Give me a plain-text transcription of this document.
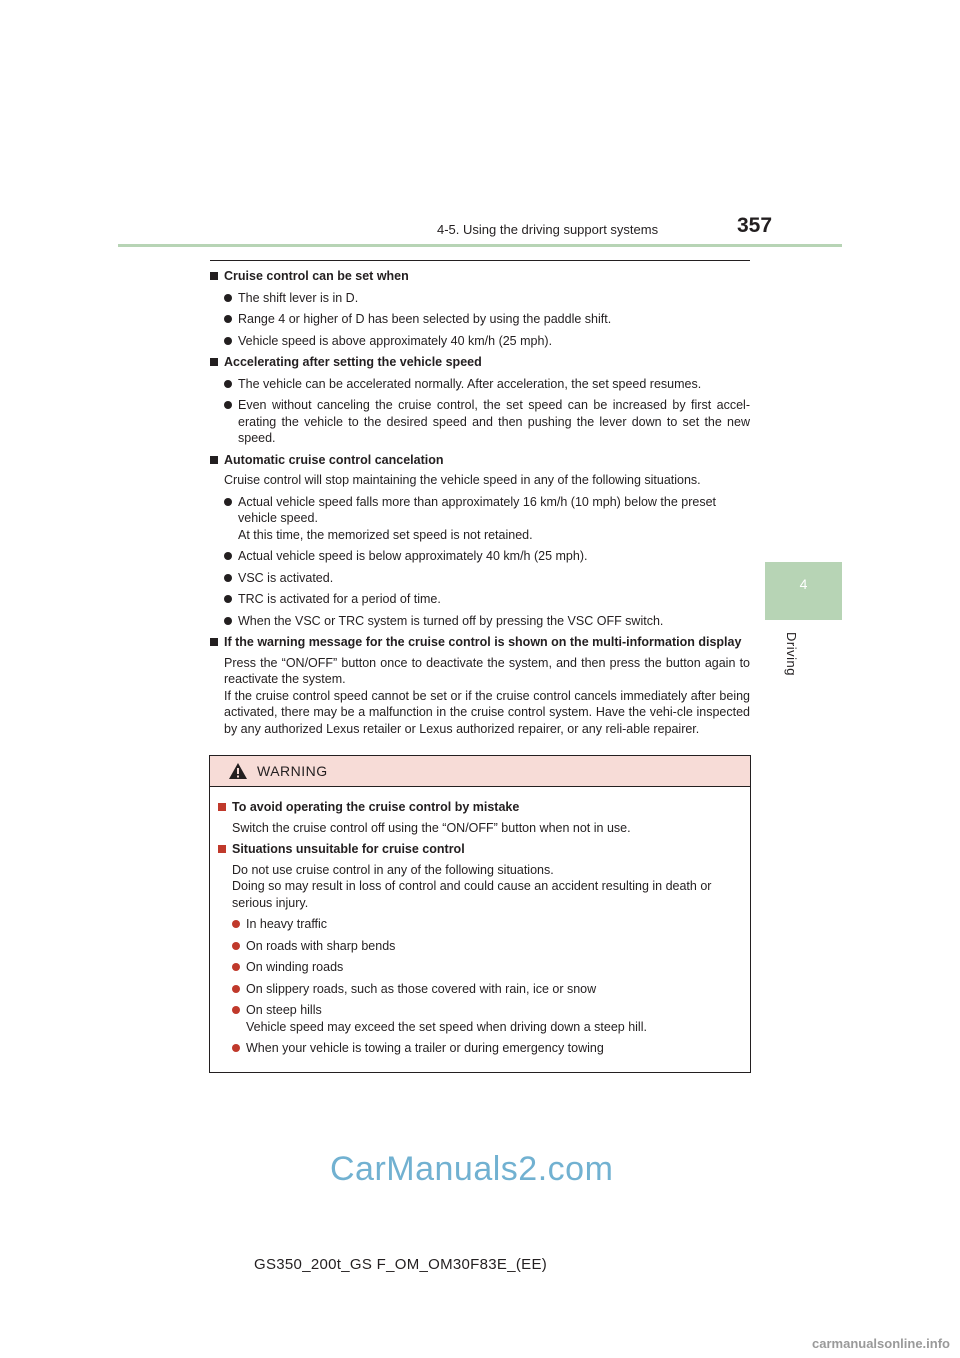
4-5. Using the driving support systems	357
4
Driving
Cruise control can be set when
The shift lever is in D.
Range 4 or higher of D has been selected by using the paddle shift.
Vehicle speed is above approximately 40 km/h (25 mph).
Accelerating after setting the vehicle speed
The vehicle can be accelerated normally. After acceleration, the set speed resumes.
Even without canceling the cruise control, the set speed can be increased by first accel-erating the vehicle to the desired speed and then pushing the lever down to set the new speed.
Automatic cruise control cancelation
Cruise control will stop maintaining the vehicle speed in any of the following situations.
Actual vehicle speed falls more than approximately 16 km/h (10 mph) below the preset vehicle speed.
At this time, the memorized set speed is not retained.
Actual vehicle speed is below approximately 40 km/h (25 mph).
VSC is activated.
TRC is activated for a period of time.
When the VSC or TRC system is turned off by pressing the VSC OFF switch.
If the warning message for the cruise control is shown on the multi-information display
Press the “ON/OFF” button once to deactivate the system, and then press the button again to reactivate the system.
If the cruise control speed cannot be set or if the cruise control cancels immediately after being activated, there may be a malfunction in the cruise control system. Have the vehi-cle inspected by any authorized Lexus retailer or Lexus authorized repairer, or any reli-able repairer.
WARNING
To avoid operating the cruise control by mistake
Switch the cruise control off using the “ON/OFF” button when not in use.
Situations unsuitable for cruise control
Do not use cruise control in any of the following situations.
Doing so may result in loss of control and could cause an accident resulting in death or serious injury.
In heavy traffic
On roads with sharp bends
On winding roads
On slippery roads, such as those covered with rain, ice or snow
On steep hills
Vehicle speed may exceed the set speed when driving down a steep hill.
When your vehicle is towing a trailer or during emergency towing
CarManuals2.com
GS350_200t_GS F_OM_OM30F83E_(EE)
carmanualsonline.info
